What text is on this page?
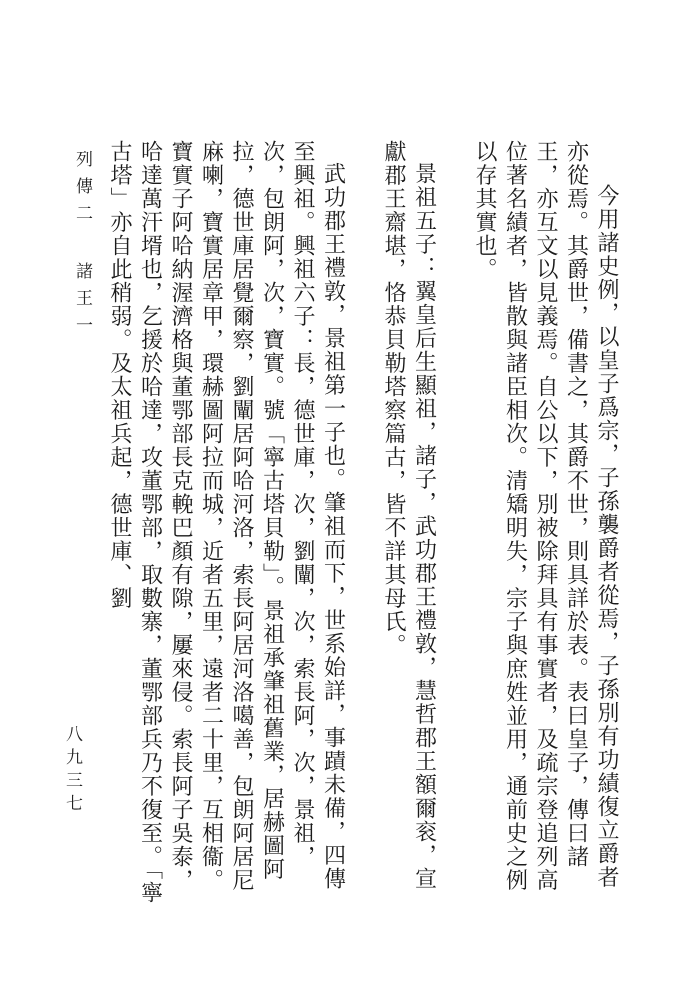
今用諸史例，以皇子爲宗，子孫襲爵者從焉，子孫別有功績復立爵者亦從焉。其爵世，備書之，其爵不世，則具詳於表。表曰皇子，傳曰諸王，亦互文以見義焉。自公以下，別被除拜具有事實者，及疏宗登追列高位著名績者，皆散與諸臣相次。清矯明失，宗子與庶姓並用，通前史之例以存其實也。

景祖五子：翼皇后生顯祖，諸子，武功郡王禮敦，慧哲郡王額爾衮，宣獻郡王齋堪，恪恭貝勒塔察篇古，皆不詳其母氏。

武功郡王禮敦，景祖第一子也。肇祖而下，世系始詳，事蹟未備，四傳至興祖。興祖六子：長，德世庫，次，劉闡，次，索長阿，次，景祖，次，包朗阿，次，寶實。號「寧古塔貝勒」。景祖承肇祖舊業，居赫圖阿拉，德世庫居覺爾察，劉闡居阿哈河洛，索長阿居河洛噶善，包朗阿居尼麻喇，寶實居章甲，環赫圖阿拉而城，近者五里，遠者二十里，互相衞。寶實子阿哈納渥濟格與董鄂部長克輓巴顏有隙，屢來侵。索長阿子吳泰，哈達萬汗壻也，乞援於哈達，攻董鄂部，取數寨，董鄂部兵乃不復至。「寧古塔」亦自此稍弱。及太祖兵起，德世庫、劉

列傳二
諸王一
八九三七
